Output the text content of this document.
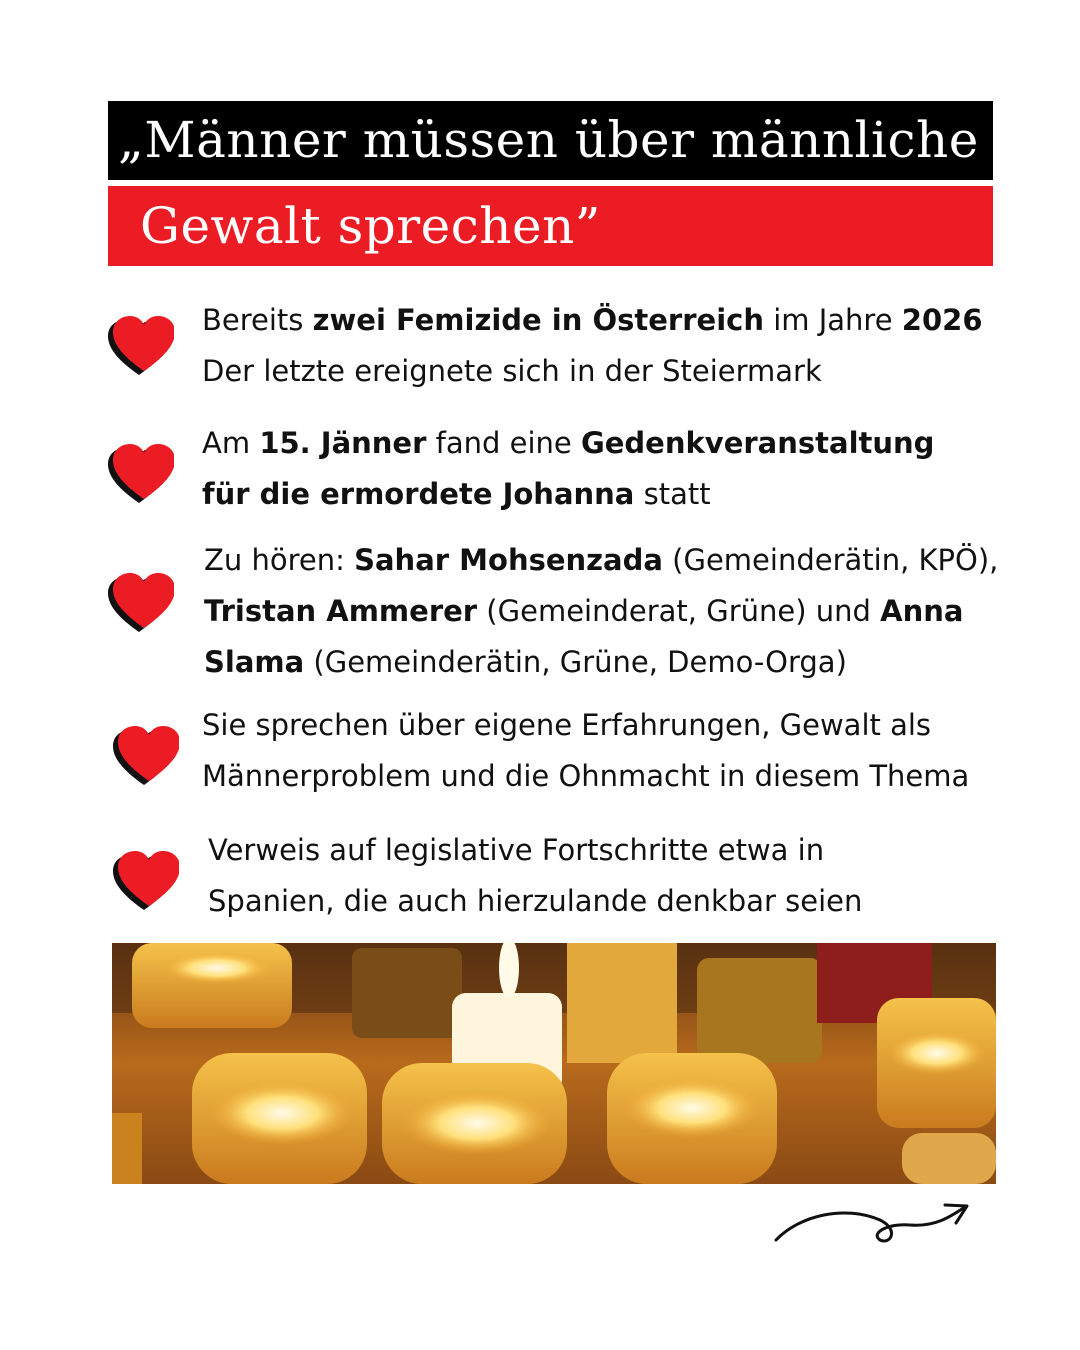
„Männer müssen über männliche
Gewalt sprechen”
Bereits zwei Femizide in Österreich im Jahre 2026
Der letzte ereignete sich in der Steiermark
Am 15. Jänner fand eine Gedenkveranstaltung
für die ermordete Johanna statt
Zu hören: Sahar Mohsenzada (Gemeinderätin, KPÖ),
Tristan Ammerer (Gemeinderat, Grüne) und Anna
Slama (Gemeinderätin, Grüne, Demo-Orga)
Sie sprechen über eigene Erfahrungen, Gewalt als
Männerproblem und die Ohnmacht in diesem Thema
Verweis auf legislative Fortschritte etwa in
Spanien, die auch hierzulande denkbar seien
